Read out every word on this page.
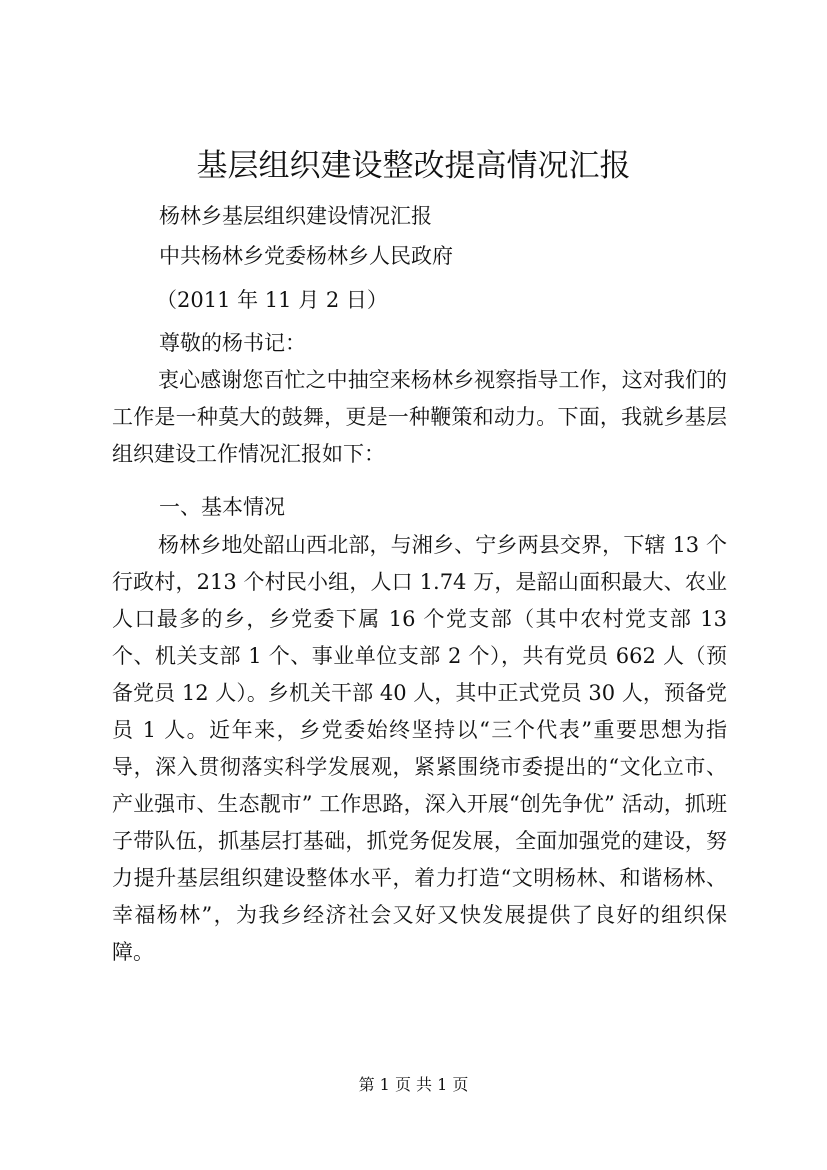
基层组织建设整改提高情况汇报
杨林乡基层组织建设情况汇报
中共杨林乡党委杨林乡人民政府
（2011 年 11 月 2 日）
尊敬的杨书记：

衷心感谢您百忙之中抽空来杨林乡视察指导工作，这对我们的工作是一种莫大的鼓舞，更是一种鞭策和动力。下面，我就乡基层组织建设工作情况汇报如下：

一、基本情况

杨林乡地处韶山西北部，与湘乡、宁乡两县交界，下辖 13 个行政村，213 个村民小组，人口 1.74 万，是韶山面积最大、农业人口最多的乡，乡党委下属 16 个党支部（其中农村党支部 13 个、机关支部 1 个、事业单位支部 2 个），共有党员 662 人（预备党员 12 人）。乡机关干部 40 人，其中正式党员 30 人，预备党员 1 人。近年来，乡党委始终坚持以“三个代表”重要思想为指导，深入贯彻落实科学发展观，紧紧围绕市委提出的“文化立市、产业强市、生态靓市” 工作思路，深入开展“创先争优” 活动，抓班子带队伍，抓基层打基础，抓党务促发展，全面加强党的建设，努力提升基层组织建设整体水平，着力打造“文明杨林、和谐杨林、幸福杨林”，为我乡经济社会又好又快发展提供了良好的组织保障。

第 1 页 共 1 页
